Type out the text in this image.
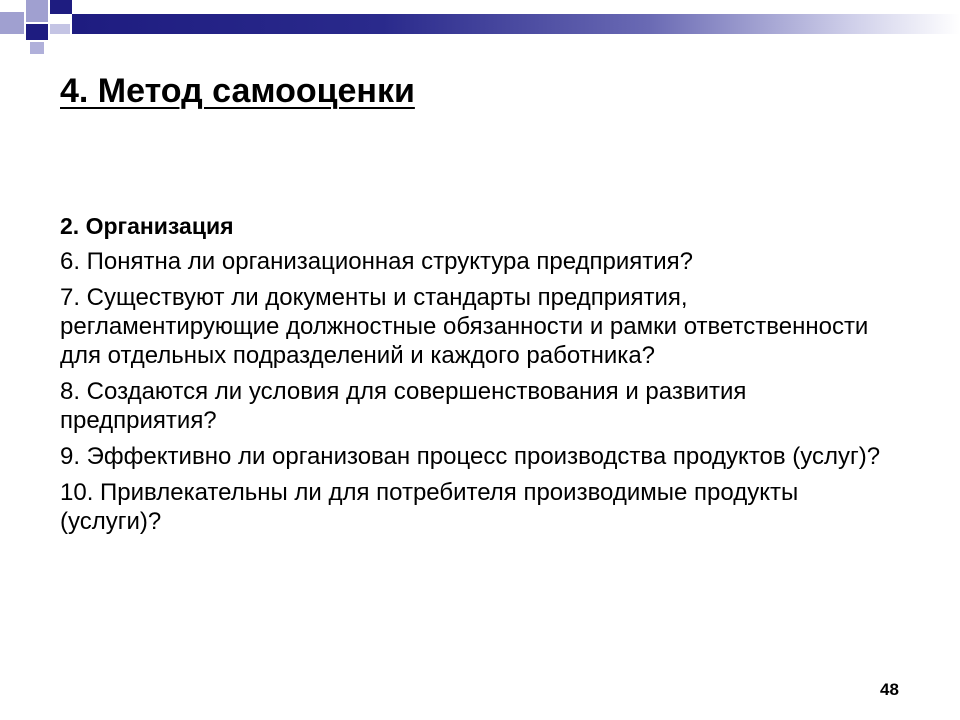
4. Метод самооценки

2. Организация

6. Понятна ли организационная структура предприятия?

7. Существуют ли документы и стандарты предприятия, регламентирующие должностные обязанности и рамки ответственности для отдельных подразделений и каждого работника?

8. Создаются ли условия для совершенствования и развития предприятия?

9. Эффективно ли организован процесс производства продуктов (услуг)?

10. Привлекательны ли для потребителя производимые продукты (услуги)?

48
